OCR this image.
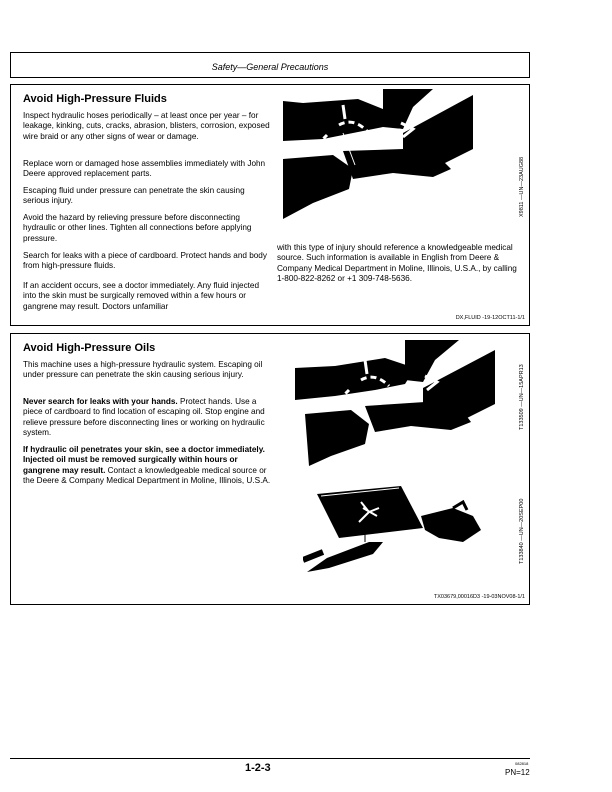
Safety—General Precautions
Avoid High-Pressure Fluids
Inspect hydraulic hoses periodically – at least once per year – for leakage, kinking, cuts, cracks, abrasion, blisters, corrosion, exposed wire braid or any other signs of wear or damage.
Replace worn or damaged hose assemblies immediately with John Deere approved replacement parts.
Escaping fluid under pressure can penetrate the skin causing serious injury.
Avoid the hazard by relieving pressure before disconnecting hydraulic or other lines. Tighten all connections before applying pressure.
Search for leaks with a piece of cardboard. Protect hands and body from high-pressure fluids.
If an accident occurs, see a doctor immediately. Any fluid injected into the skin must be surgically removed within a few hours or gangrene may result. Doctors unfamiliar
X9811 —UN—23AUG88
with this type of injury should reference a knowledgeable medical source. Such information is available in English from Deere & Company Medical Department in Moline, Illinois, U.S.A., by calling 1-800-822-8262 or +1 309-748-5636.
DX,FLUID -19-12OCT11-1/1
Avoid High-Pressure Oils
This machine uses a high-pressure hydraulic system. Escaping oil under pressure can penetrate the skin causing serious injury.
Never search for leaks with your hands. Protect hands. Use a piece of cardboard to find location of escaping oil. Stop engine and relieve pressure before disconnecting lines or working on hydraulic system.
If hydraulic oil penetrates your skin, see a doctor immediately. Injected oil must be removed surgically within hours or gangrene may result. Contact a knowledgeable medical source or the Deere & Company Medical Department in Moline, Illinois, U.S.A.
T133509 —UN—15APR13
T133840 —UN—20SEP00
TX03679,00016D3 -19-03NOV08-1/1
1-2-3	082818
PN=12
